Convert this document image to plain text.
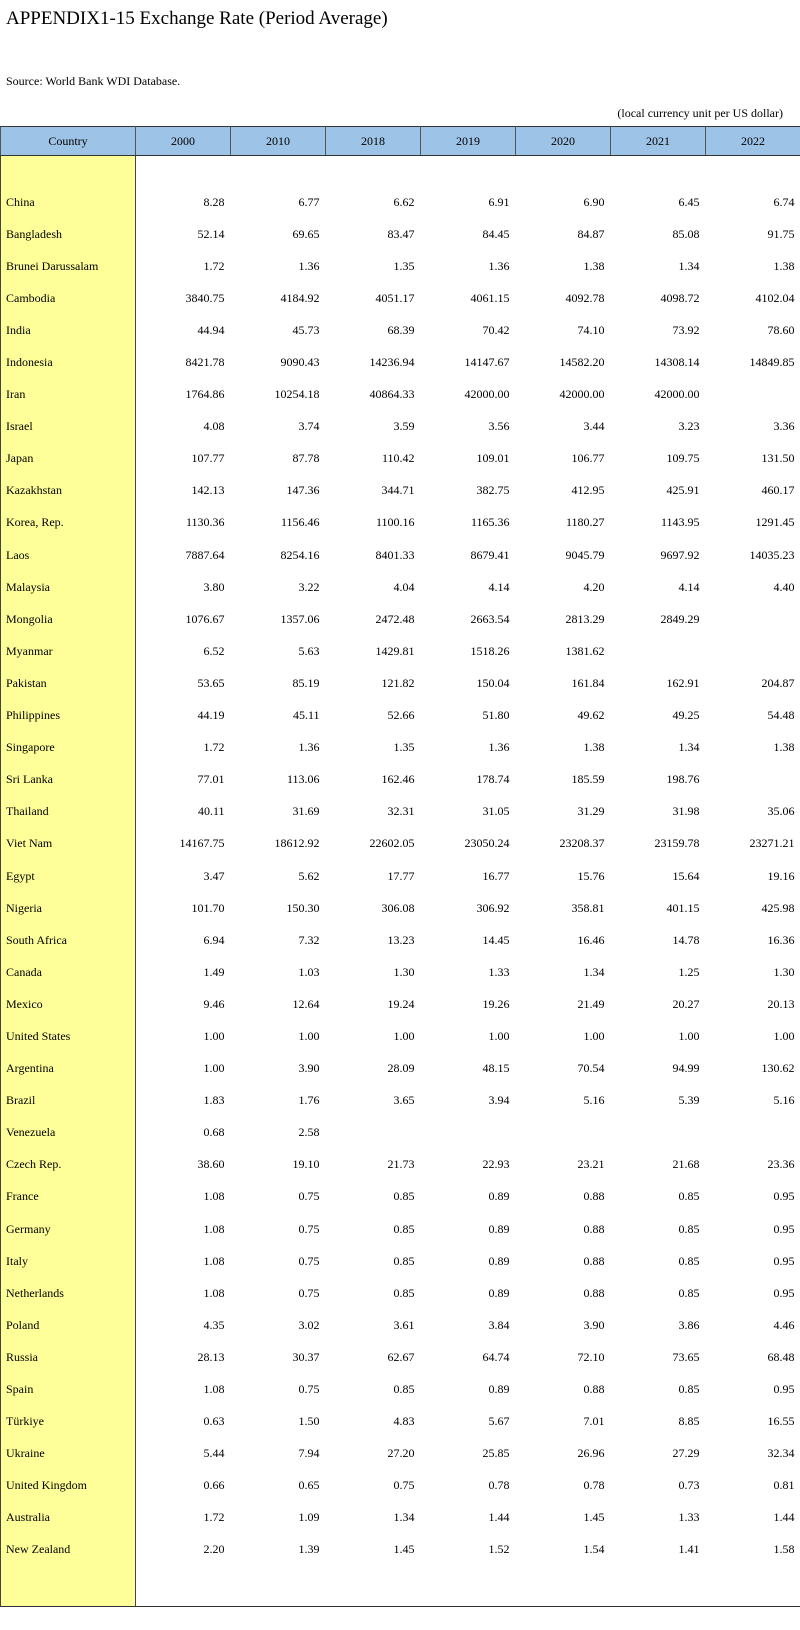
APPENDIX1-15 Exchange Rate (Period Average)
Source: World Bank WDI Database.
(local currency unit per US dollar)
Country	2000	2010	2018	2019	2020	2021	2022

China	8.28	6.77	6.62	6.91	6.90	6.45	6.74
Bangladesh	52.14	69.65	83.47	84.45	84.87	85.08	91.75
Brunei Darussalam	1.72	1.36	1.35	1.36	1.38	1.34	1.38
Cambodia	3840.75	4184.92	4051.17	4061.15	4092.78	4098.72	4102.04
India	44.94	45.73	68.39	70.42	74.10	73.92	78.60
Indonesia	8421.78	9090.43	14236.94	14147.67	14582.20	14308.14	14849.85
Iran	1764.86	10254.18	40864.33	42000.00	42000.00	42000.00	
Israel	4.08	3.74	3.59	3.56	3.44	3.23	3.36
Japan	107.77	87.78	110.42	109.01	106.77	109.75	131.50
Kazakhstan	142.13	147.36	344.71	382.75	412.95	425.91	460.17
Korea, Rep.	1130.36	1156.46	1100.16	1165.36	1180.27	1143.95	1291.45
Laos	7887.64	8254.16	8401.33	8679.41	9045.79	9697.92	14035.23
Malaysia	3.80	3.22	4.04	4.14	4.20	4.14	4.40
Mongolia	1076.67	1357.06	2472.48	2663.54	2813.29	2849.29	
Myanmar	6.52	5.63	1429.81	1518.26	1381.62		
Pakistan	53.65	85.19	121.82	150.04	161.84	162.91	204.87
Philippines	44.19	45.11	52.66	51.80	49.62	49.25	54.48
Singapore	1.72	1.36	1.35	1.36	1.38	1.34	1.38
Sri Lanka	77.01	113.06	162.46	178.74	185.59	198.76	
Thailand	40.11	31.69	32.31	31.05	31.29	31.98	35.06
Viet Nam	14167.75	18612.92	22602.05	23050.24	23208.37	23159.78	23271.21
Egypt	3.47	5.62	17.77	16.77	15.76	15.64	19.16
Nigeria	101.70	150.30	306.08	306.92	358.81	401.15	425.98
South Africa	6.94	7.32	13.23	14.45	16.46	14.78	16.36
Canada	1.49	1.03	1.30	1.33	1.34	1.25	1.30
Mexico	9.46	12.64	19.24	19.26	21.49	20.27	20.13
United States	1.00	1.00	1.00	1.00	1.00	1.00	1.00
Argentina	1.00	3.90	28.09	48.15	70.54	94.99	130.62
Brazil	1.83	1.76	3.65	3.94	5.16	5.39	5.16
Venezuela	0.68	2.58					
Czech Rep.	38.60	19.10	21.73	22.93	23.21	21.68	23.36
France	1.08	0.75	0.85	0.89	0.88	0.85	0.95
Germany	1.08	0.75	0.85	0.89	0.88	0.85	0.95
Italy	1.08	0.75	0.85	0.89	0.88	0.85	0.95
Netherlands	1.08	0.75	0.85	0.89	0.88	0.85	0.95
Poland	4.35	3.02	3.61	3.84	3.90	3.86	4.46
Russia	28.13	30.37	62.67	64.74	72.10	73.65	68.48
Spain	1.08	0.75	0.85	0.89	0.88	0.85	0.95
Türkiye	0.63	1.50	4.83	5.67	7.01	8.85	16.55
Ukraine	5.44	7.94	27.20	25.85	26.96	27.29	32.34
United Kingdom	0.66	0.65	0.75	0.78	0.78	0.73	0.81
Australia	1.72	1.09	1.34	1.44	1.45	1.33	1.44
New Zealand	2.20	1.39	1.45	1.52	1.54	1.41	1.58
